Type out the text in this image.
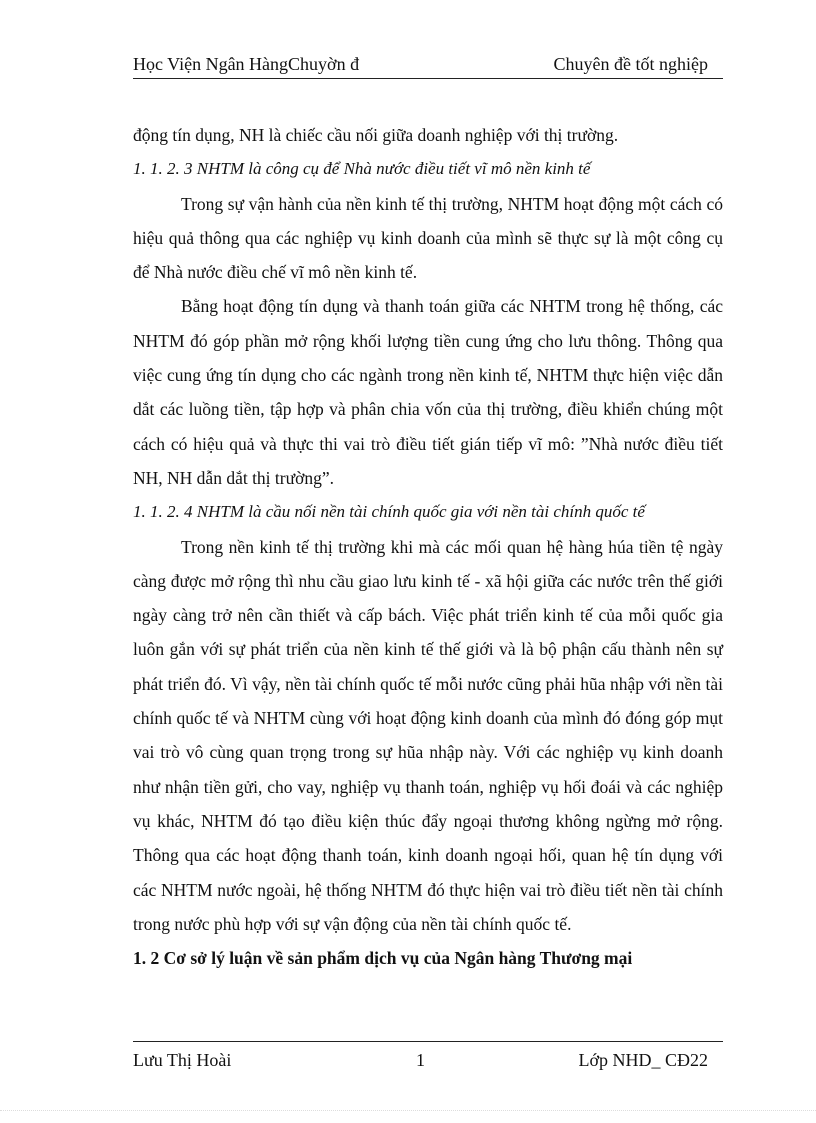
Học Viện Ngân HàngChuyờn đ	Chuyên đề tốt nghiệp

động tín dụng, NH là chiếc cầu nối giữa doanh nghiệp với thị trường.

1. 1. 2. 3 NHTM là công cụ để Nhà nước điều tiết vĩ mô nền kinh tế

Trong sự vận hành của nền kinh tế thị trường, NHTM hoạt động một cách có hiệu quả thông qua các nghiệp vụ kinh doanh của mình sẽ thực sự là một công cụ để Nhà nước điều chế vĩ mô nền kinh tế.

Bằng hoạt động tín dụng và thanh toán giữa các NHTM trong hệ thống, các NHTM đó góp phần mở rộng khối lượng tiền cung ứng cho lưu thông. Thông qua việc cung ứng tín dụng cho các ngành trong nền kinh tế, NHTM thực hiện việc dẫn dắt các luồng tiền, tập hợp và phân chia vốn của thị trường, điều khiển chúng một cách có hiệu quả và thực thi vai trò điều tiết gián tiếp vĩ mô: ”Nhà nước điều tiết NH, NH dẫn dắt thị trường”.

1. 1. 2. 4 NHTM là cầu nối nền tài chính quốc gia với nền tài chính quốc tế

Trong nền kinh tế thị trường khi mà các mối quan hệ hàng húa tiền tệ ngày càng được mở rộng thì nhu cầu giao lưu kinh tế - xã hội giữa các nước trên thế giới ngày càng trở nên cần thiết và cấp bách. Việc phát triển kinh tế của mỗi quốc gia luôn gắn với sự phát triển của nền kinh tế thế giới và là bộ phận cấu thành nên sự phát triển đó. Vì vậy, nền tài chính quốc tế mỗi nước cũng phải hũa nhập với nền tài chính quốc tế và NHTM cùng với hoạt động kinh doanh của mình đó đóng góp mụt vai trò vô cùng quan trọng trong sự hũa nhập này. Với các nghiệp vụ kinh doanh như nhận tiền gửi, cho vay, nghiệp vụ thanh toán, nghiệp vụ hối đoái và các nghiệp vụ khác, NHTM đó tạo điều kiện thúc đẩy ngoại thương không ngừng mở rộng. Thông qua các hoạt động thanh toán, kinh doanh ngoại hối, quan hệ tín dụng với các NHTM nước ngoài, hệ thống NHTM đó thực hiện vai trò điều tiết nền tài chính trong nước phù hợp với sự vận động của nền tài chính quốc tế.

1. 2 Cơ sở lý luận về sản phẩm dịch vụ của Ngân hàng Thương mại

Lưu Thị Hoài	1	Lớp NHD_ CĐ22
